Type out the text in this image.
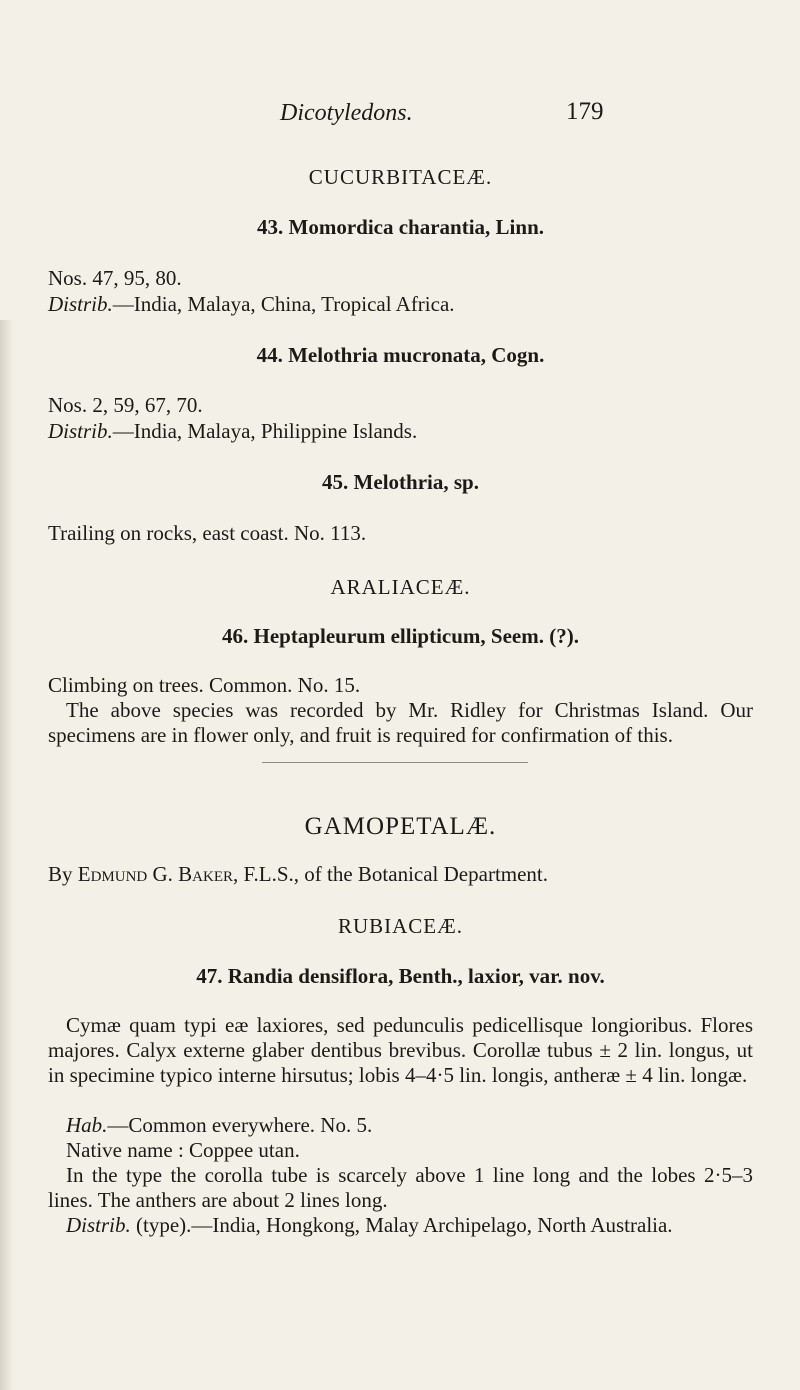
Dicotyledons.	179
CUCURBITACEÆ.
43. Momordica charantia, Linn.
Nos. 47, 95, 80.
Distrib.—India, Malaya, China, Tropical Africa.
44. Melothria mucronata, Cogn.
Nos. 2, 59, 67, 70.
Distrib.—India, Malaya, Philippine Islands.
45. Melothria, sp.
Trailing on rocks, east coast. No. 113.
ARALIACEÆ.
46. Heptapleurum ellipticum, Seem. (?).
Climbing on trees. Common. No. 15.

The above species was recorded by Mr. Ridley for Christmas Island. Our specimens are in flower only, and fruit is required for confirmation of this.

GAMOPETALÆ.
By Edmund G. Baker, F.L.S., of the Botanical Department.
RUBIACEÆ.
47. Randia densiflora, Benth., laxior, var. nov.

Cymæ quam typi eæ laxiores, sed pedunculis pedicellisque longioribus. Flores majores. Calyx externe glaber dentibus brevibus. Corollæ tubus ± 2 lin. longus, ut in specimine typico interne hirsutus; lobis 4–4·5 lin. longis, antheræ ± 4 lin. longæ.

Hab.—Common everywhere. No. 5.
Native name : Coppee utan.

In the type the corolla tube is scarcely above 1 line long and the lobes 2·5–3 lines. The anthers are about 2 lines long.

Distrib. (type).—India, Hongkong, Malay Archipelago, North Australia.
